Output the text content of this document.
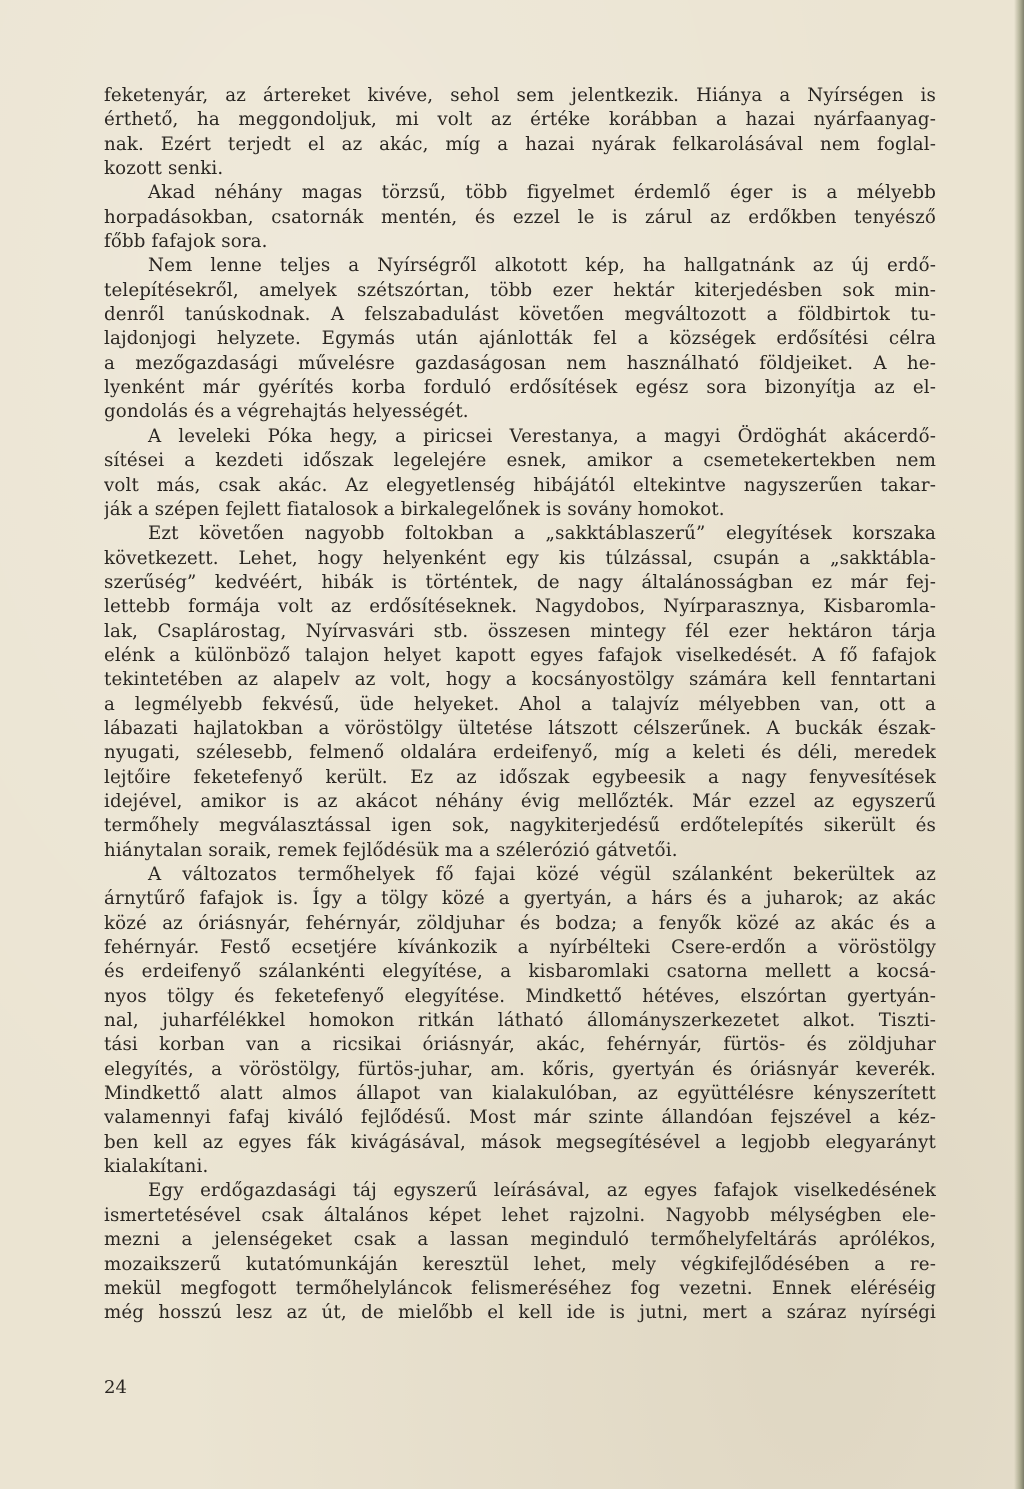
feketenyár, az ártereket kivéve, sehol sem jelentkezik. Hiánya a Nyírségen is
érthető, ha meggondoljuk, mi volt az értéke korábban a hazai nyárfaanyag-
nak. Ezért terjedt el az akác, míg a hazai nyárak felkarolásával nem foglal-
kozott senki.
Akad néhány magas törzsű, több figyelmet érdemlő éger is a mélyebb
horpadásokban, csatornák mentén, és ezzel le is zárul az erdőkben tenyésző
főbb fafajok sora.
Nem lenne teljes a Nyírségről alkotott kép, ha hallgatnánk az új erdő-
telepítésekről, amelyek szétszórtan, több ezer hektár kiterjedésben sok min-
denről tanúskodnak. A felszabadulást követően megváltozott a földbirtok tu-
lajdonjogi helyzete. Egymás után ajánlották fel a községek erdősítési célra
a mezőgazdasági művelésre gazdaságosan nem használható földjeiket. A he-
lyenként már gyérítés korba forduló erdősítések egész sora bizonyítja az el-
gondolás és a végrehajtás helyességét.
A leveleki Póka hegy, a piricsei Verestanya, a magyi Ördöghát akácerdő-
sítései a kezdeti időszak legelejére esnek, amikor a csemetekertekben nem
volt más, csak akác. Az elegyetlenség hibájától eltekintve nagyszerűen takar-
ják a szépen fejlett fiatalosok a birkalegelőnek is sovány homokot.
Ezt követően nagyobb foltokban a „sakktáblaszerű” elegyítések korszaka
következett. Lehet, hogy helyenként egy kis túlzással, csupán a „sakktábla-
szerűség” kedvéért, hibák is történtek, de nagy általánosságban ez már fej-
lettebb formája volt az erdősítéseknek. Nagydobos, Nyírparasznya, Kisbaromla-
lak, Csaplárostag, Nyírvasvári stb. összesen mintegy fél ezer hektáron tárja
elénk a különböző talajon helyet kapott egyes fafajok viselkedését. A fő fafajok
tekintetében az alapelv az volt, hogy a kocsányostölgy számára kell fenntartani
a legmélyebb fekvésű, üde helyeket. Ahol a talajvíz mélyebben van, ott a
lábazati hajlatokban a vöröstölgy ültetése látszott célszerűnek. A buckák észak-
nyugati, szélesebb, felmenő oldalára erdeifenyő, míg a keleti és déli, meredek
lejtőire feketefenyő került. Ez az időszak egybeesik a nagy fenyvesítések
idejével, amikor is az akácot néhány évig mellőzték. Már ezzel az egyszerű
termőhely megválasztással igen sok, nagykiterjedésű erdőtelepítés sikerült és
hiánytalan soraik, remek fejlődésük ma a szélerózió gátvetői.
A változatos termőhelyek fő fajai közé végül szálanként bekerültek az
árnytűrő fafajok is. Így a tölgy közé a gyertyán, a hárs és a juharok; az akác
közé az óriásnyár, fehérnyár, zöldjuhar és bodza; a fenyők közé az akác és a
fehérnyár. Festő ecsetjére kívánkozik a nyírbélteki Csere-erdőn a vöröstölgy
és erdeifenyő szálankénti elegyítése, a kisbaromlaki csatorna mellett a kocsá-
nyos tölgy és feketefenyő elegyítése. Mindkettő hétéves, elszórtan gyertyán-
nal, juharfélékkel homokon ritkán látható állományszerkezetet alkot. Tiszti-
tási korban van a ricsikai óriásnyár, akác, fehérnyár, fürtös- és zöldjuhar
elegyítés, a vöröstölgy, fürtös-juhar, am. kőris, gyertyán és óriásnyár keverék.
Mindkettő alatt almos állapot van kialakulóban, az együttélésre kényszerített
valamennyi fafaj kiváló fejlődésű. Most már szinte állandóan fejszével a kéz-
ben kell az egyes fák kivágásával, mások megsegítésével a legjobb elegyarányt
kialakítani.
Egy erdőgazdasági táj egyszerű leírásával, az egyes fafajok viselkedésének
ismertetésével csak általános képet lehet rajzolni. Nagyobb mélységben ele-
mezni a jelenségeket csak a lassan meginduló termőhelyfeltárás aprólékos,
mozaikszerű kutatómunkáján keresztül lehet, mely végkifejlődésében a re-
mekül megfogott termőhelyláncok felismeréséhez fog vezetni. Ennek eléréséig
még hosszú lesz az út, de mielőbb el kell ide is jutni, mert a száraz nyírségi
24
